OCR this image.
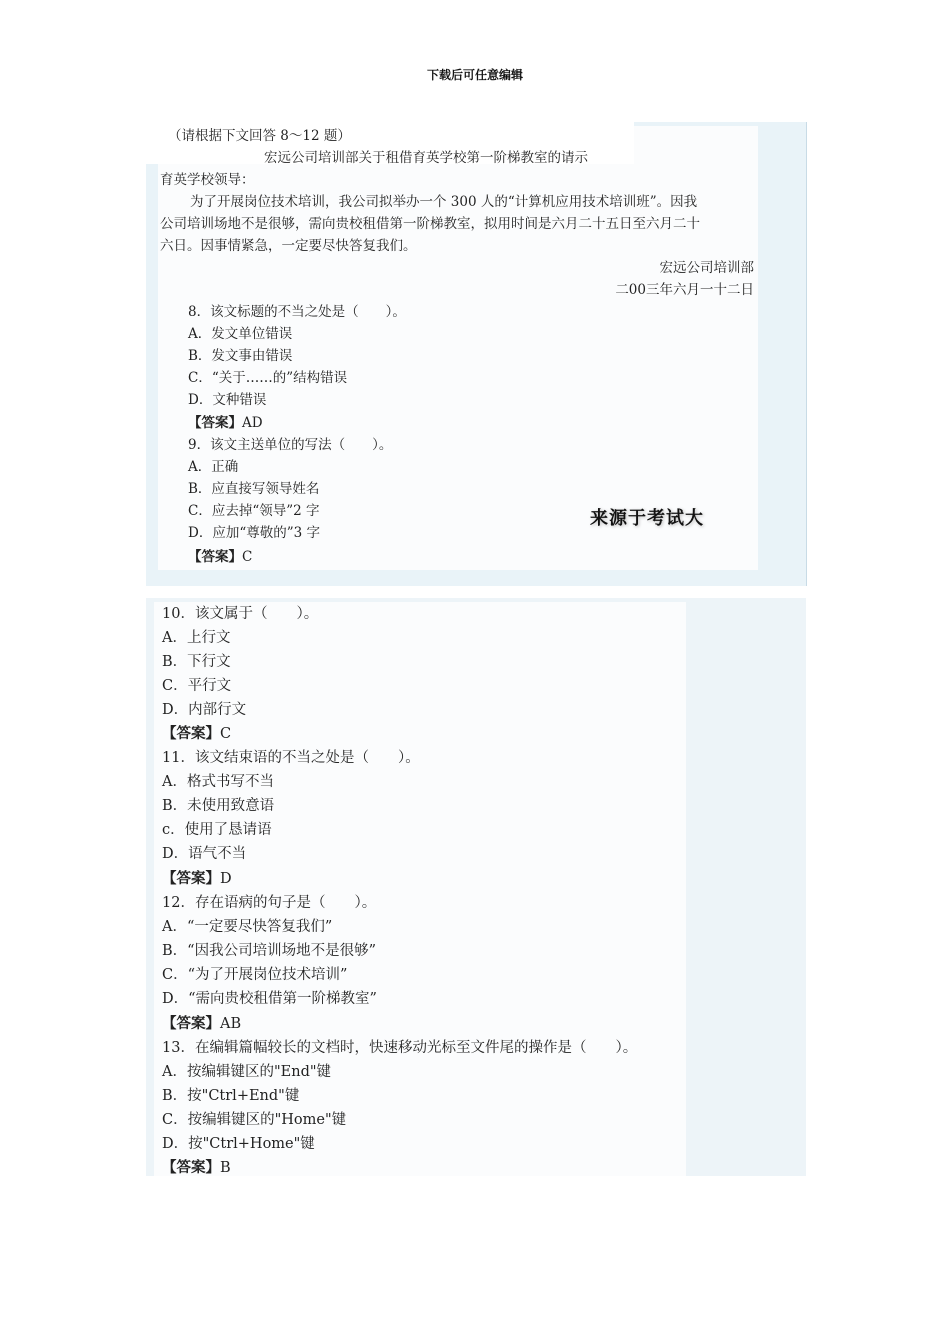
下载后可任意编辑
（请根据下文回答 8～12 题）
宏远公司培训部关于租借育英学校第一阶梯教室的请示
育英学校领导：
为了开展岗位技术培训，我公司拟举办一个 300 人的“计算机应用技术培训班”。因我
公司培训场地不是很够，需向贵校租借第一阶梯教室，拟用时间是六月二十五日至六月二十
六日。因事情紧急，一定要尽快答复我们。
宏远公司培训部
二00三年六月一十二日
8．该文标题的不当之处是（　　）。
A．发文单位错误
B．发文事由错误
C．“关于……的”结构错误
D．文种错误
【答案】AD
9．该文主送单位的写法（　　）。
A．正确
B．应直接写领导姓名
C．应去掉“领导”2 字
D．应加“尊敬的”3 字
【答案】C
来源于考试大
10．该文属于（　　）。
A．上行文
B．下行文
C．平行文
D．内部行文
【答案】C
11．该文结束语的不当之处是（　　）。
A．格式书写不当
B．未使用致意语
c．使用了恳请语
D．语气不当
【答案】D
12．存在语病的句子是（　　）。
A．“一定要尽快答复我们”
B．“因我公司培训场地不是很够”
C．“为了开展岗位技术培训”
D．“需向贵校租借第一阶梯教室”
【答案】AB
13．在编辑篇幅较长的文档时，快速移动光标至文件尾的操作是（　　）。
A．按编辑键区的"End"键
B．按"Ctrl+End"键
C．按编辑键区的"Home"键
D．按"Ctrl+Home"键
【答案】B
